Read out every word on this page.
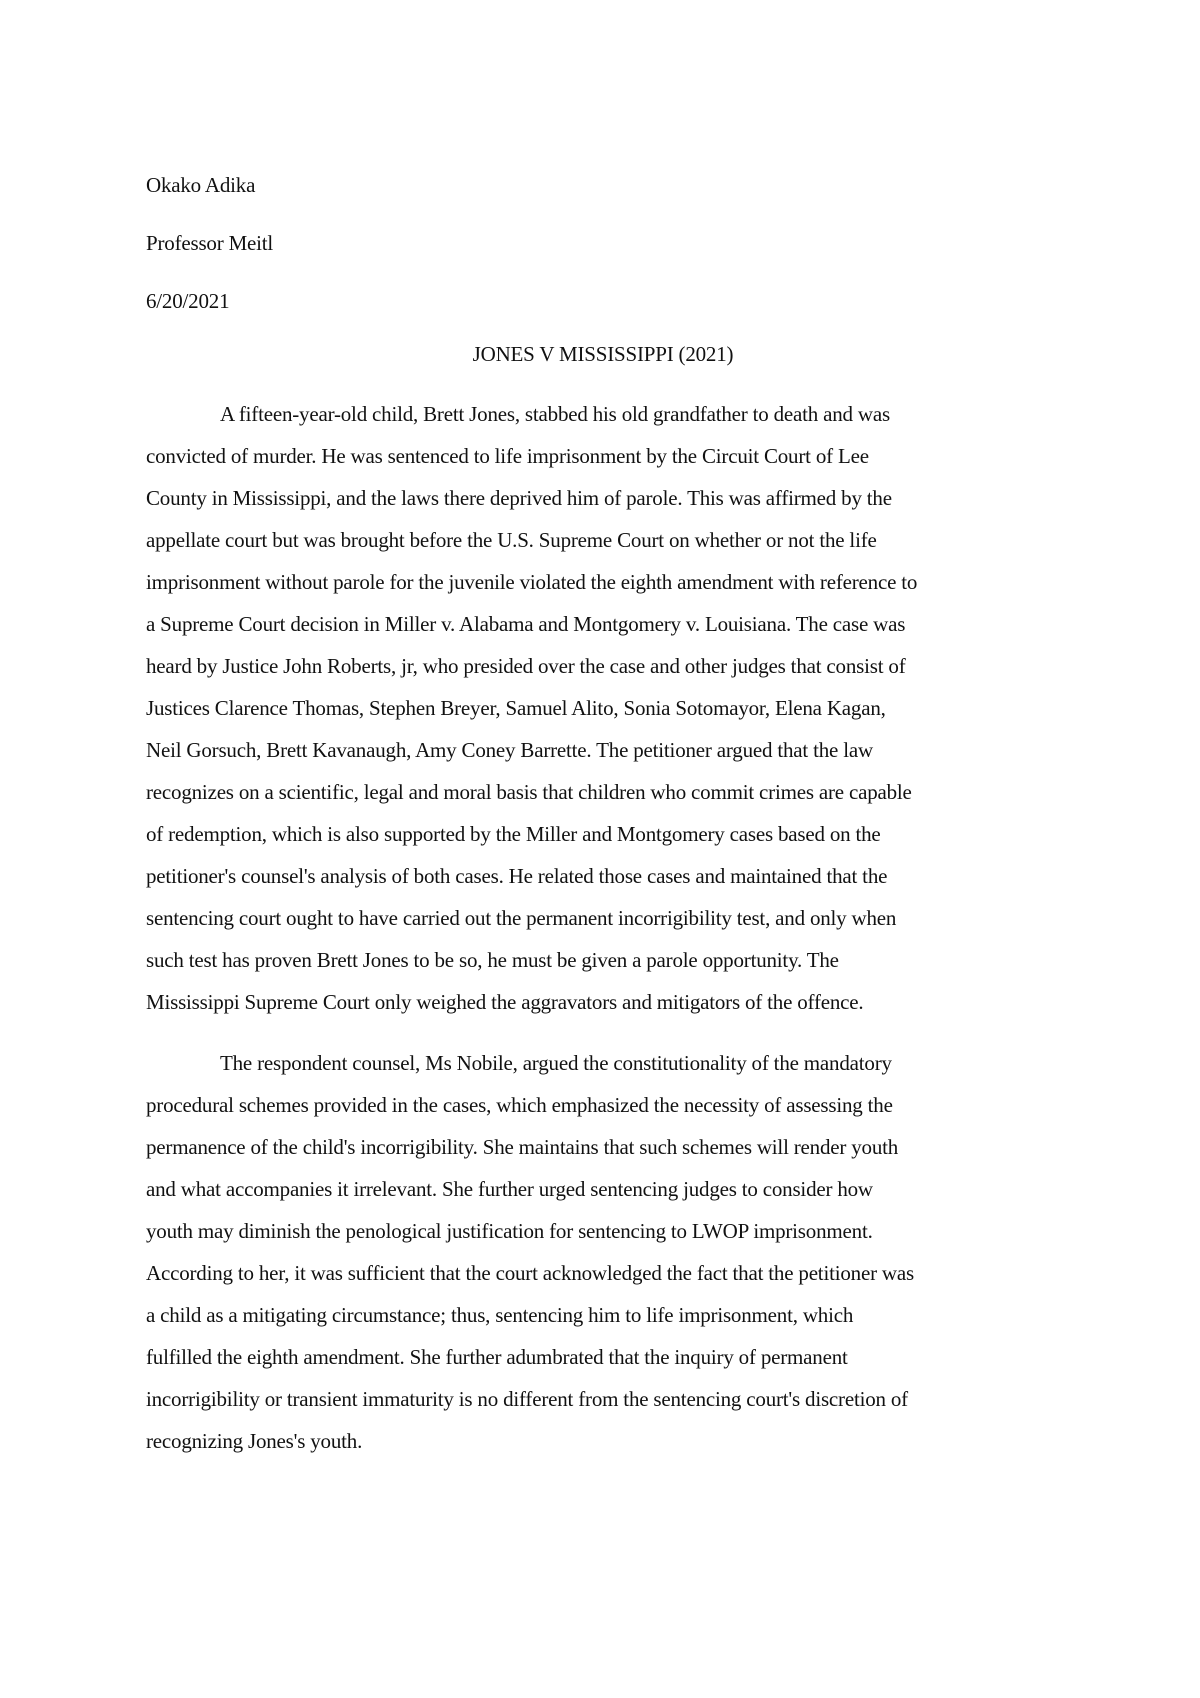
Okako Adika

Professor Meitl

6/20/2021

JONES V MISSISSIPPI (2021)
A fifteen-year-old child, Brett Jones, stabbed his old grandfather to death and was
convicted of murder. He was sentenced to life imprisonment by the Circuit Court of Lee
County in Mississippi, and the laws there deprived him of parole. This was affirmed by the
appellate court but was brought before the U.S. Supreme Court on whether or not the life
imprisonment without parole for the juvenile violated the eighth amendment with reference to
a Supreme Court decision in Miller v. Alabama and Montgomery v. Louisiana. The case was
heard by Justice John Roberts, jr, who presided over the case and other judges that consist of
Justices Clarence Thomas, Stephen Breyer, Samuel Alito, Sonia Sotomayor, Elena Kagan,
Neil Gorsuch, Brett Kavanaugh, Amy Coney Barrette. The petitioner argued that the law
recognizes on a scientific, legal and moral basis that children who commit crimes are capable
of redemption, which is also supported by the Miller and Montgomery cases based on the
petitioner's counsel's analysis of both cases. He related those cases and maintained that the
sentencing court ought to have carried out the permanent incorrigibility test, and only when
such test has proven Brett Jones to be so, he must be given a parole opportunity. The
Mississippi Supreme Court only weighed the aggravators and mitigators of the offence.
The respondent counsel, Ms Nobile, argued the constitutionality of the mandatory
procedural schemes provided in the cases, which emphasized the necessity of assessing the
permanence of the child's incorrigibility. She maintains that such schemes will render youth
and what accompanies it irrelevant. She further urged sentencing judges to consider how
youth may diminish the penological justification for sentencing to LWOP imprisonment.
According to her, it was sufficient that the court acknowledged the fact that the petitioner was
a child as a mitigating circumstance; thus, sentencing him to life imprisonment, which
fulfilled the eighth amendment. She further adumbrated that the inquiry of permanent
incorrigibility or transient immaturity is no different from the sentencing court's discretion of
recognizing Jones's youth.
